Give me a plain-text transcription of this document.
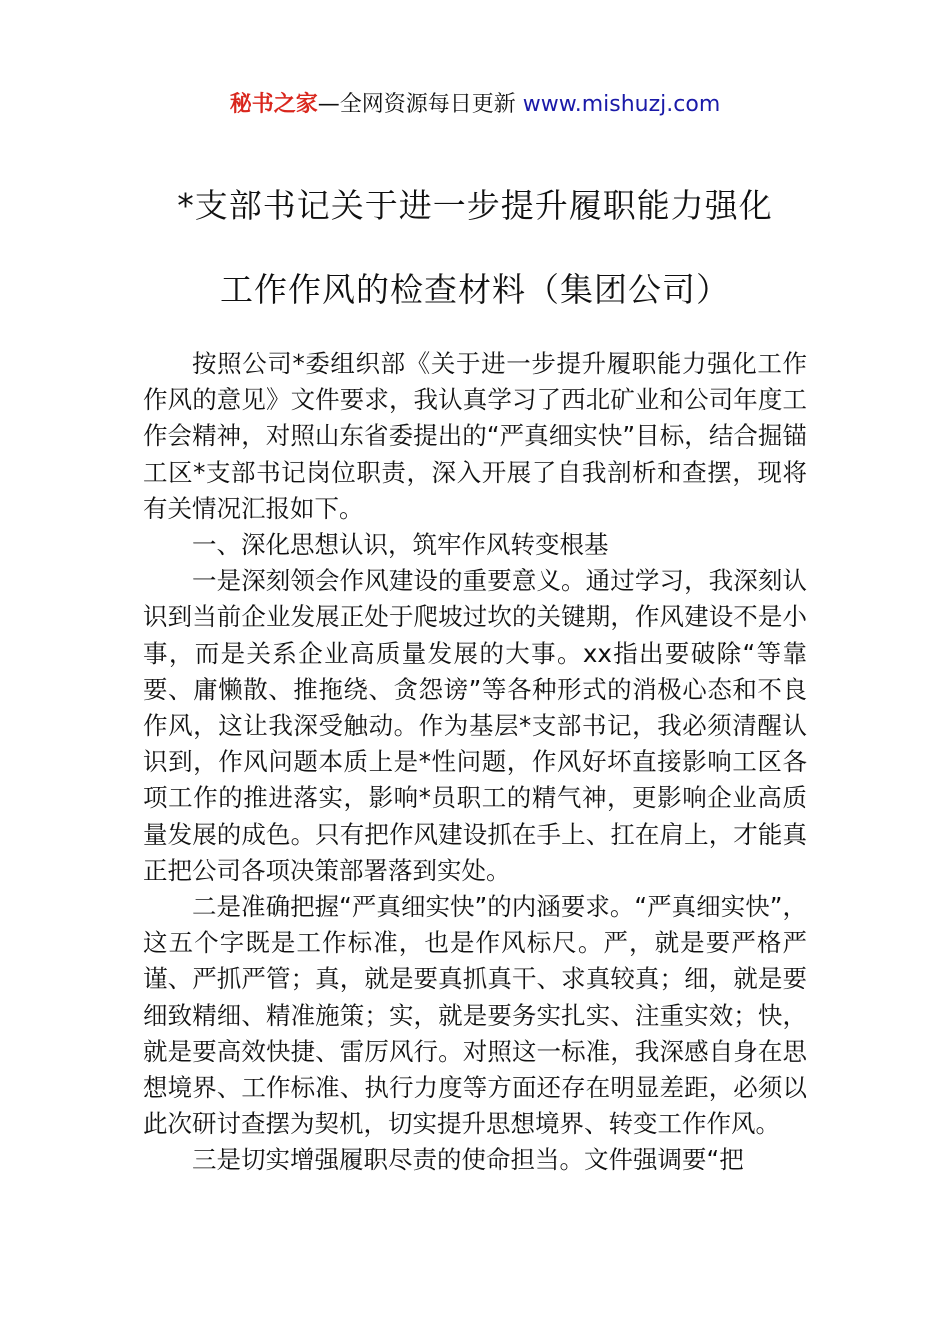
秘书之家—全网资源每日更新 www.mishuzj.com
*支部书记关于进一步提升履职能力强化
工作作风的检查材料（集团公司）

按照公司*委组织部《关于进一步提升履职能力强化工作作风的意见》文件要求，我认真学习了西北矿业和公司年度工作会精神，对照山东省委提出的“严真细实快”目标，结合掘锚工区*支部书记岗位职责，深入开展了自我剖析和查摆，现将有关情况汇报如下。

一、深化思想认识，筑牢作风转变根基

一是深刻领会作风建设的重要意义。通过学习，我深刻认识到当前企业发展正处于爬坡过坎的关键期，作风建设不是小事，而是关系企业高质量发展的大事。xx指出要破除“等靠要、庸懒散、推拖绕、贪怨谤”等各种形式的消极心态和不良作风，这让我深受触动。作为基层*支部书记，我必须清醒认识到，作风问题本质上是*性问题，作风好坏直接影响工区各项工作的推进落实，影响*员职工的精气神，更影响企业高质量发展的成色。只有把作风建设抓在手上、扛在肩上，才能真正把公司各项决策部署落到实处。

二是准确把握“严真细实快”的内涵要求。“严真细实快”，这五个字既是工作标准，也是作风标尺。严，就是要严格严谨、严抓严管；真，就是要真抓真干、求真较真；细，就是要细致精细、精准施策；实，就是要务实扎实、注重实效；快，就是要高效快捷、雷厉风行。对照这一标准，我深感自身在思想境界、工作标准、执行力度等方面还存在明显差距，必须以此次研讨查摆为契机，切实提升思想境界、转变工作作风。

三是切实增强履职尽责的使命担当。文件强调要“把
